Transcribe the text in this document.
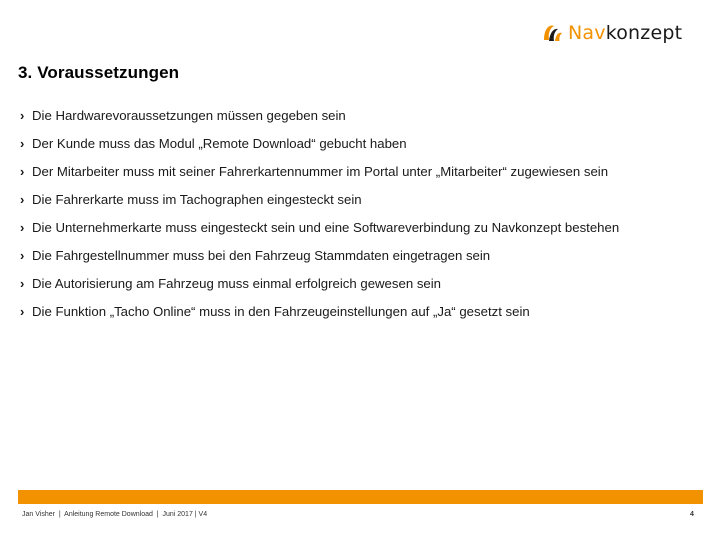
Navkonzept
3. Voraussetzungen
› Die Hardwarevoraussetzungen müssen gegeben sein
› Der Kunde muss das Modul „Remote Download“ gebucht haben
› Der Mitarbeiter muss mit seiner Fahrerkartennummer im Portal unter „Mitarbeiter“ zugewiesen sein
› Die Fahrerkarte muss im Tachographen eingesteckt sein
› Die Unternehmerkarte muss eingesteckt sein und eine Softwareverbindung zu Navkonzept bestehen
› Die Fahrgestellnummer muss bei den Fahrzeug Stammdaten eingetragen sein
› Die Autorisierung am Fahrzeug muss einmal erfolgreich gewesen sein
› Die Funktion „Tacho Online“ muss in den Fahrzeugeinstellungen auf „Ja“ gesetzt sein
Jan Visher  |  Anleitung Remote Download  |  Juni 2017 | V4	4
